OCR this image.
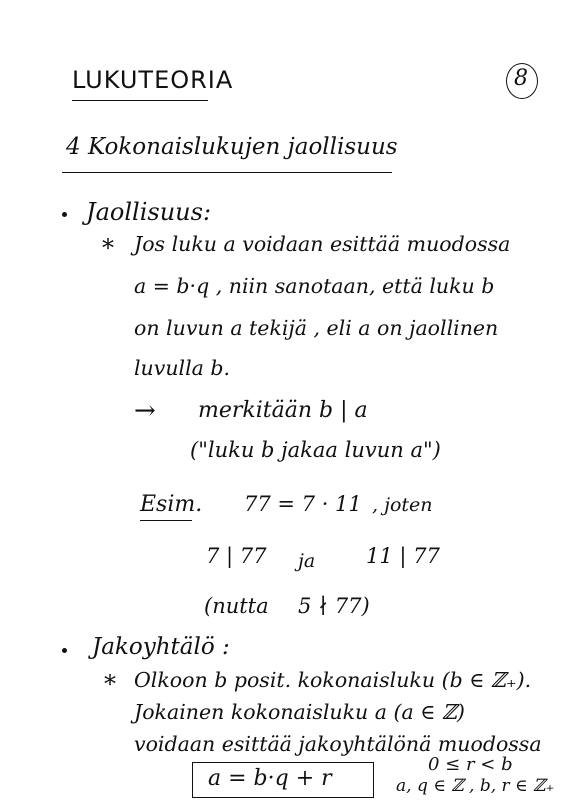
LUKUTEORIA	8
4 Kokonaislukujen jaollisuus
Jaollisuus:
* Jos luku a voidaan esittää muodossa
a = b·q , niin sanotaan, että luku b
on luvun a tekijä , eli a on jaollinen
luvulla b.
→ merkitään b | a
("luku b jakaa luvun a")
Esim. 77 = 7 · 11 , joten
7 | 77 ja 11 | 77
(nutta 5 ∤ 77)
Jakoyhtälö :
* Olkoon b posit. kokonaisluku (b ∈ ℤ₊).
Jokainen kokonaisluku a (a ∈ ℤ)
voidaan esittää jakoyhtälönä muodossa
a = b·q + r
0 ≤ r < b
a, q ∈ ℤ , b, r ∈ ℤ₊
